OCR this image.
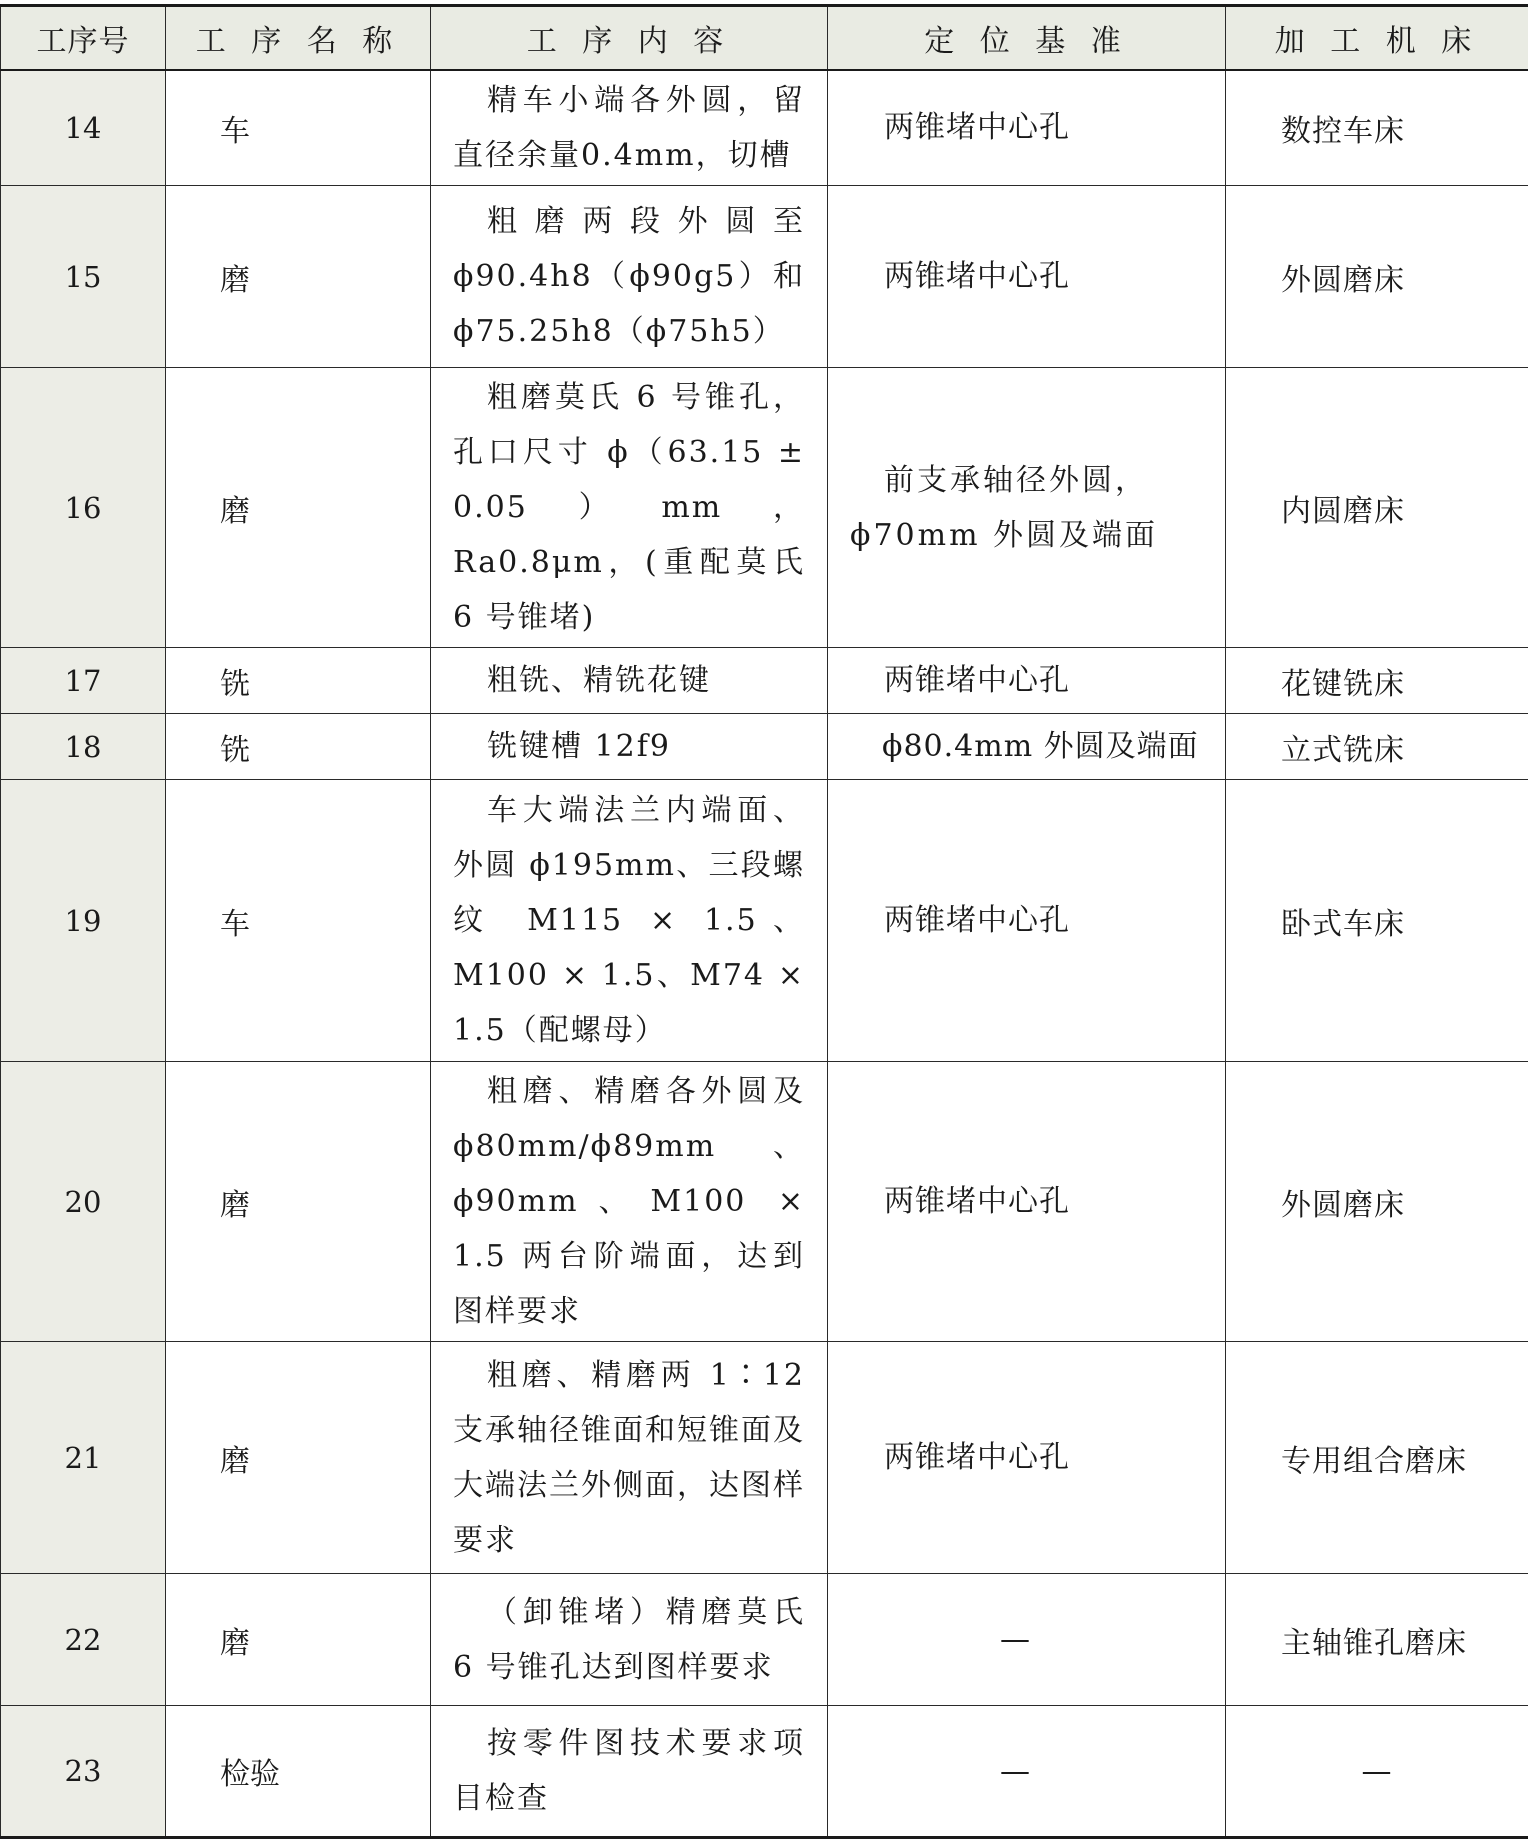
工序号	工 序 名 称	工 序 内 容	定 位 基 准	加 工 机 床
14	车	精车小端各外圆，留直径余量0.4mm，切槽	两锥堵中心孔	数控车床
15	磨	粗磨两段外圆至ϕ90.4h8（ϕ90g5）和ϕ75.25h8（ϕ75h5）	两锥堵中心孔	外圆磨床
16	磨	粗磨莫氏 6 号锥孔，孔口尺寸 ϕ（63.15 ± 0.05）mm，Ra0.8μm，(重配莫氏 6 号锥堵)	前支承轴径外圆，ϕ70mm 外圆及端面	内圆磨床
17	铣	粗铣、精铣花键	两锥堵中心孔	花键铣床
18	铣	铣键槽 12f9	ϕ80.4mm 外圆及端面	立式铣床
19	车	车大端法兰内端面、外圆 ϕ195mm、三段螺纹 M115 × 1.5、M100 × 1.5、M74 × 1.5（配螺母）	两锥堵中心孔	卧式车床
20	磨	粗磨、精磨各外圆及ϕ80mm/ϕ89mm、ϕ90mm、M100 × 1.5 两台阶端面，达到图样要求	两锥堵中心孔	外圆磨床
21	磨	粗磨、精磨两 1∶12 支承轴径锥面和短锥面及大端法兰外侧面，达图样要求	两锥堵中心孔	专用组合磨床
22	磨	（卸锥堵）精磨莫氏 6 号锥孔达到图样要求	—	主轴锥孔磨床
23	检验	按零件图技术要求项目检查	—	—
